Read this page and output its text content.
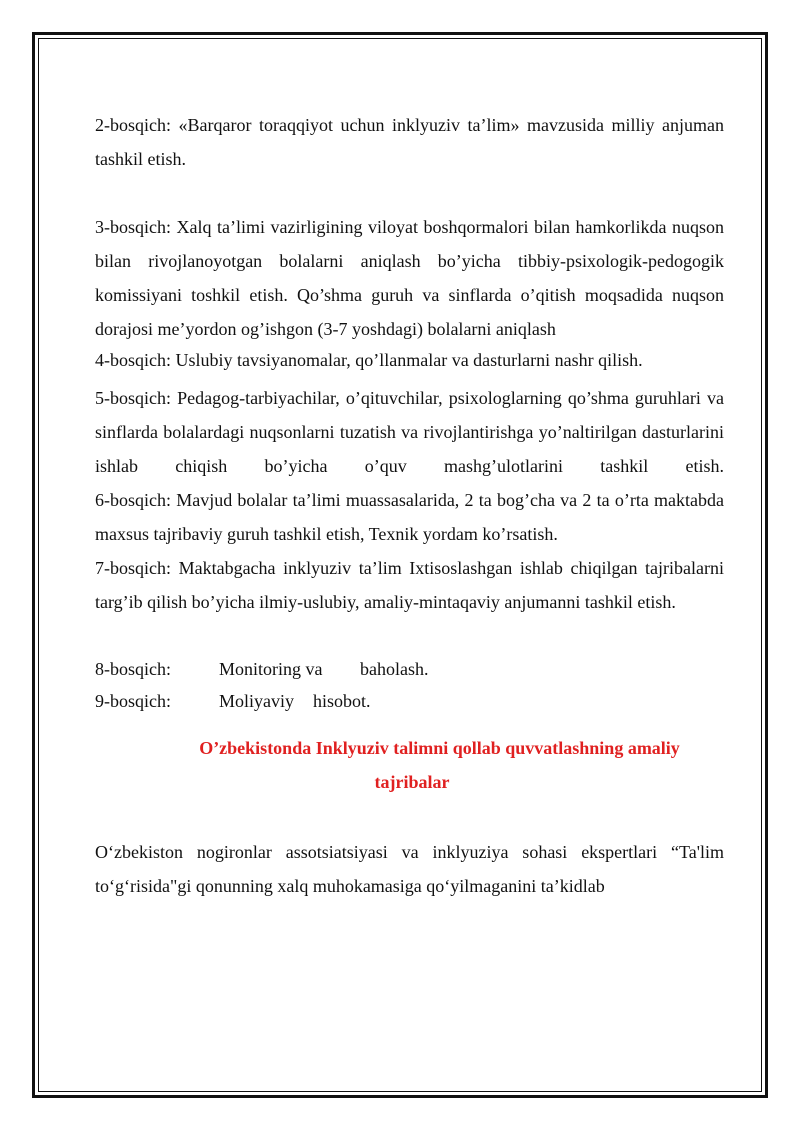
2-bosqich: «Barqaror toraqqiyot uchun inklyuziv ta’lim» mavzusida milliy anjuman tashkil etish.

3-bosqich: Xalq ta’limi vazirligining viloyat boshqormalori bilan hamkorlikda nuqson bilan rivojlanoyotgan bolalarni aniqlash bo’yicha tibbiy-psixologik-pedogogik komissiyani toshkil etish. Qo’shma guruh va sinflarda o’qitish moqsadida nuqson dorajosi me’yordon og’ishgon (3-7 yoshdagi) bolalarni aniqlash

4-bosqich: Uslubiy tavsiyanomalar, qo’llanmalar va dasturlarni nashr qilish.

5-bosqich: Pedagog-tarbiyachilar, o’qituvchilar, psixologlarning qo’shma guruhlari va sinflarda bolalardagi nuqsonlarni tuzatish va rivojlantirishga yo’naltirilgan dasturlarini ishlab chiqish bo’yicha o’quv mashg’ulotlarini tashkil etish.

6-bosqich: Mavjud bolalar ta’limi muassasalarida, 2 ta bog’cha va 2 ta o’rta maktabda maxsus tajribaviy guruh tashkil etish, Texnik yordam ko’rsatish.

7-bosqich: Maktabgacha inklyuziv ta’lim Ixtisoslashgan ishlab chiqilgan tajribalarni targ’ib qilish bo’yicha ilmiy-uslubiy, amaliy-mintaqaviy anjumanni tashkil etish.

8-bosqich:	Monitoring va	baholash.
9-bosqich:	Moliyaviy	hisobot.
O’zbekistonda Inklyuziv talimni qollab quvvatlashning amaliy
tajribalar

O‘zbekiston nogironlar assotsiatsiyasi va inklyuziya sohasi ekspertlari “Ta'lim to‘g‘risida"gi qonunning xalq muhokamasiga qo‘yilmaganini ta’kidlab
